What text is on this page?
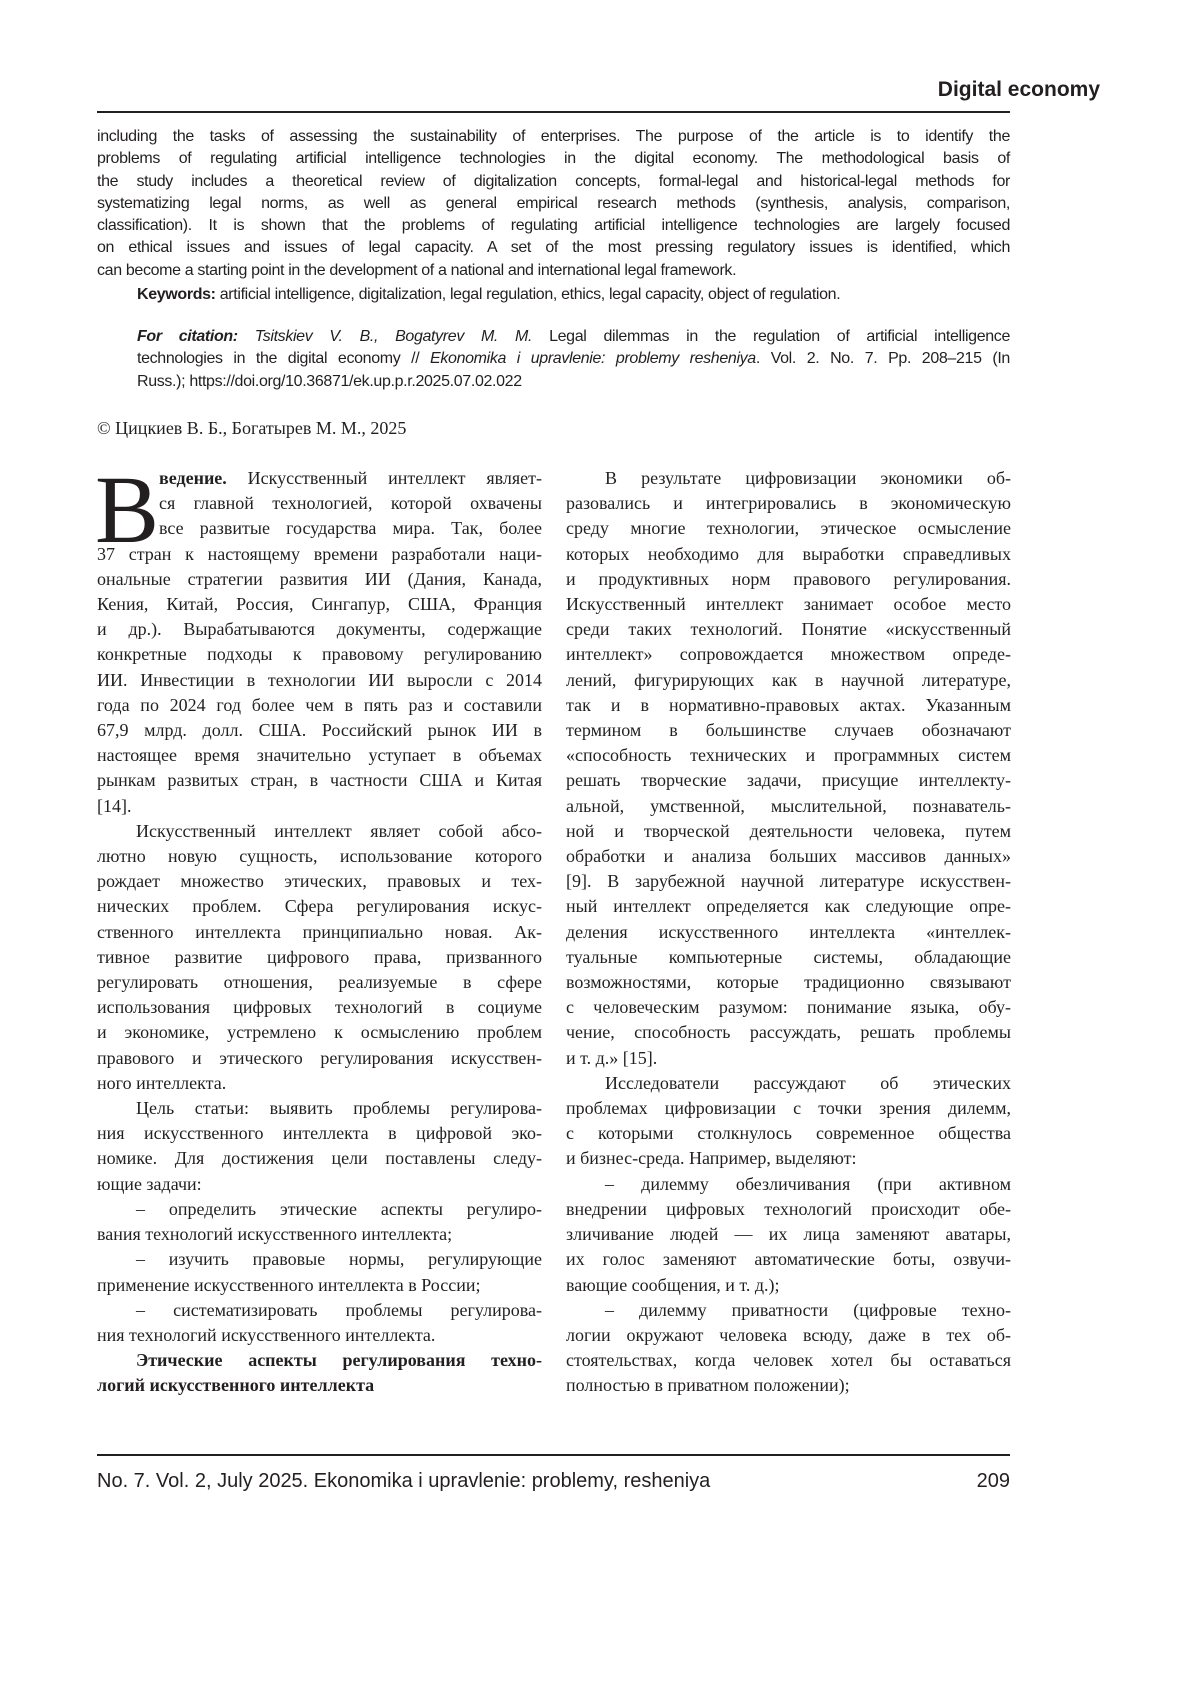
Digital economy
including the tasks of assessing the sustainability of enterprises. The purpose of the article is to identify the
problems of regulating artificial intelligence technologies in the digital economy. The methodological basis of
the study includes a theoretical review of digitalization concepts, formal-legal and historical-legal methods for
systematizing legal norms, as well as general empirical research methods (synthesis, analysis, comparison,
classification). It is shown that the problems of regulating artificial intelligence technologies are largely focused
on ethical issues and issues of legal capacity. A set of the most pressing regulatory issues is identified, which
can become a starting point in the development of a national and international legal framework.
Keywords: artificial intelligence, digitalization, legal regulation, ethics, legal capacity, object of regulation.
For citation: Tsitskiev V. B., Bogatyrev M. M. Legal dilemmas in the regulation of artificial intelligence
technologies in the digital economy // Ekonomika i upravlenie: problemy resheniya. Vol. 2. No. 7. Pp. 208–215 (In
Russ.); https://doi.org/10.36871/ek.up.p.r.2025.07.02.022
© Цицкиев В. Б., Богатырев М. М., 2025
В ведение. Искусственный интеллект являет-
ся главной технологией, которой охвачены
все развитые государства мира. Так, более
37 стран к настоящему времени разработали наци-
ональные стратегии развития ИИ (Дания, Канада,
Кения, Китай, Россия, Сингапур, США, Франция
и др.). Вырабатываются документы, содержащие
конкретные подходы к правовому регулированию
ИИ. Инвестиции в технологии ИИ выросли с 2014
года по 2024 год более чем в пять раз и составили
67,9 млрд. долл. США. Российский рынок ИИ в
настоящее время значительно уступает в объемах
рынкам развитых стран, в частности США и Китая
[14].
Искусственный интеллект являет собой абсо-
лютно новую сущность, использование которого
рождает множество этических, правовых и тех-
нических проблем. Сфера регулирования искус-
ственного интеллекта принципиально новая. Ак-
тивное развитие цифрового права, призванного
регулировать отношения, реализуемые в сфере
использования цифровых технологий в социуме
и экономике, устремлено к осмыслению проблем
правового и этического регулирования искусствен-
ного интеллекта.
Цель статьи: выявить проблемы регулирова-
ния искусственного интеллекта в цифровой эко-
номике. Для достижения цели поставлены следу-
ющие задачи:
– определить этические аспекты регулиро-
вания технологий искусственного интеллекта;
– изучить правовые нормы, регулирующие
применение искусственного интеллекта в России;
– систематизировать проблемы регулирова-
ния технологий искусственного интеллекта.
Этические аспекты регулирования техно-
логий искусственного интеллекта
В результате цифровизации экономики об-
разовались и интегрировались в экономическую
среду многие технологии, этическое осмысление
которых необходимо для выработки справедливых
и продуктивных норм правового регулирования.
Искусственный интеллект занимает особое место
среди таких технологий. Понятие «искусственный
интеллект» сопровождается множеством опреде-
лений, фигурирующих как в научной литературе,
так и в нормативно-правовых актах. Указанным
термином в большинстве случаев обозначают
«способность технических и программных систем
решать творческие задачи, присущие интеллекту-
альной, умственной, мыслительной, познаватель-
ной и творческой деятельности человека, путем
обработки и анализа больших массивов данных»
[9]. В зарубежной научной литературе искусствен-
ный интеллект определяется как следующие опре-
деления искусственного интеллекта «интеллек-
туальные компьютерные системы, обладающие
возможностями, которые традиционно связывают
с человеческим разумом: понимание языка, обу-
чение, способность рассуждать, решать проблемы
и т. д.» [15].
Исследователи рассуждают об этических
проблемах цифровизации с точки зрения дилемм,
с которыми столкнулось современное общества
и бизнес-среда. Например, выделяют:
– дилемму обезличивания (при активном
внедрении цифровых технологий происходит обе-
зличивание людей — их лица заменяют аватары,
их голос заменяют автоматические боты, озвучи-
вающие сообщения, и т. д.);
– дилемму приватности (цифровые техно-
логии окружают человека всюду, даже в тех об-
стоятельствах, когда человек хотел бы оставаться
полностью в приватном положении);
No. 7. Vol. 2, July 2025. Ekonomika i upravlenie: problemy, resheniya	209
